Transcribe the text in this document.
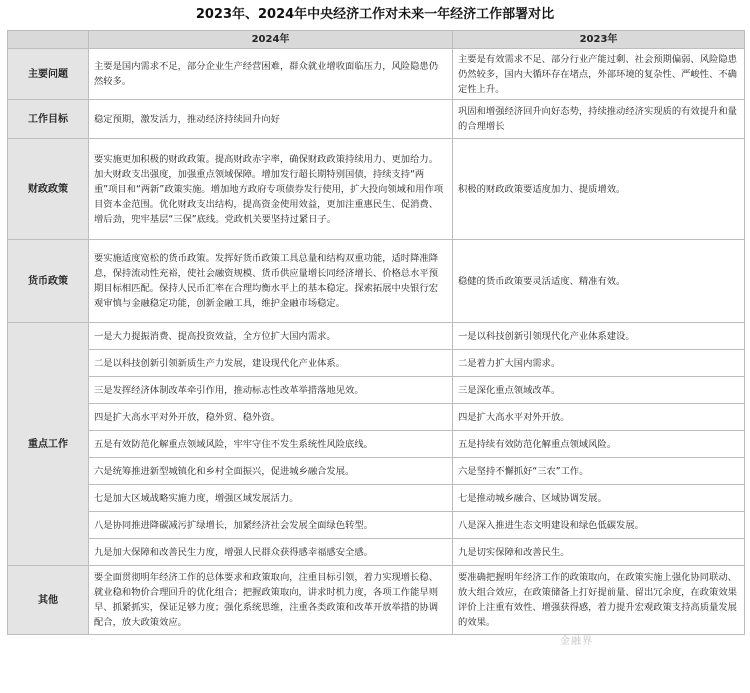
2023年、2024年中央经济工作对未来一年经济工作部署对比
	2024年	2023年
主要问题	主要是国内需求不足，部分企业生产经营困难，群众就业增收面临压力，风险隐患仍然较多。	主要是有效需求不足、部分行业产能过剩、社会预期偏弱、风险隐患仍然较多，国内大循环存在堵点，外部环境的复杂性、严峻性、不确定性上升。
工作目标	稳定预期，激发活力，推动经济持续回升向好	巩固和增强经济回升向好态势，持续推动经济实现质的有效提升和量的合理增长
财政政策	要实施更加积极的财政政策。提高财政赤字率，确保财政政策持续用力、更加给力。加大财政支出强度，加强重点领域保障。增加发行超长期特别国债，持续支持“两重”项目和“两新”政策实施。增加地方政府专项债券发行使用，扩大投向领域和用作项目资本金范围。优化财政支出结构，提高资金使用效益，更加注重惠民生、促消费、增后劲，兜牢基层“三保”底线。党政机关要坚持过紧日子。	积极的财政政策要适度加力、提质增效。
货币政策	要实施适度宽松的货币政策。发挥好货币政策工具总量和结构双重功能，适时降准降息，保持流动性充裕，使社会融资规模、货币供应量增长同经济增长、价格总水平预期目标相匹配。保持人民币汇率在合理均衡水平上的基本稳定。探索拓展中央银行宏观审慎与金融稳定功能，创新金融工具，维护金融市场稳定。	稳健的货币政策要灵活适度、精准有效。
重点工作	一是大力提振消费、提高投资效益，全方位扩大国内需求。	一是以科技创新引领现代化产业体系建设。
	二是以科技创新引领新质生产力发展，建设现代化产业体系。	二是着力扩大国内需求。
	三是发挥经济体制改革牵引作用，推动标志性改革举措落地见效。	三是深化重点领域改革。
	四是扩大高水平对外开放，稳外贸、稳外资。	四是扩大高水平对外开放。
	五是有效防范化解重点领域风险，牢牢守住不发生系统性风险底线。	五是持续有效防范化解重点领域风险。
	六是统筹推进新型城镇化和乡村全面振兴，促进城乡融合发展。	六是坚持不懈抓好“三农”工作。
	七是加大区域战略实施力度，增强区域发展活力。	七是推动城乡融合、区域协调发展。
	八是协同推进降碳减污扩绿增长，加紧经济社会发展全面绿色转型。	八是深入推进生态文明建设和绿色低碳发展。
	九是加大保障和改善民生力度，增强人民群众获得感幸福感安全感。	九是切实保障和改善民生。
其他	要全面贯彻明年经济工作的总体要求和政策取向，注重目标引领，着力实现增长稳、就业稳和物价合理回升的优化组合；把握政策取向，讲求时机力度，各项工作能早则早、抓紧抓实，保证足够力度；强化系统思维，注重各类政策和改革开放举措的协调配合，放大政策效应。	要准确把握明年经济工作的政策取向，在政策实施上强化协同联动、放大组合效应，在政策储备上打好提前量、留出冗余度，在政策效果评价上注重有效性、增强获得感，着力提升宏观政策支持高质量发展的效果。
金融界
